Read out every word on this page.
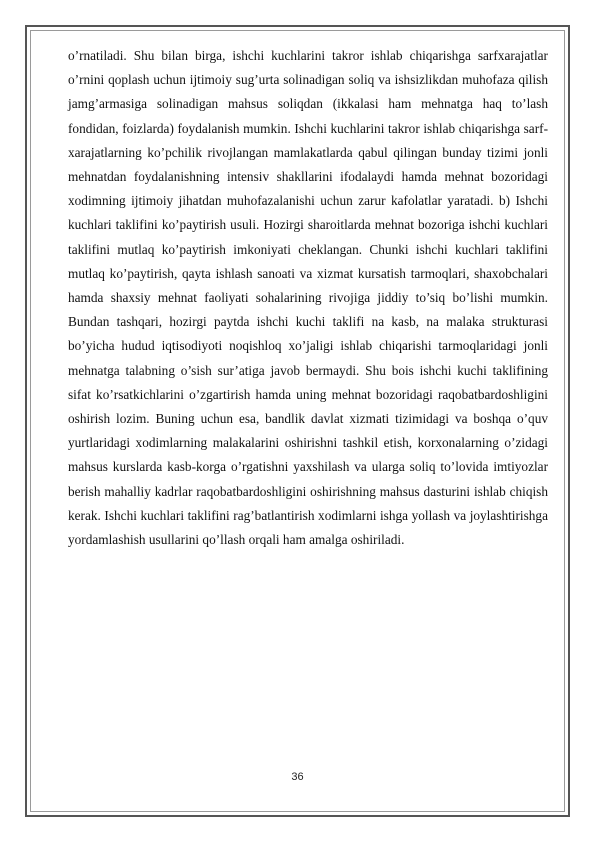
o’rnatiladi. Shu bilan birga, ishchi kuchlarini takror ishlab chiqarishga sarfxarajatlar o’rnini qoplash uchun ijtimoiy sug’urta solinadigan soliq va ishsizlikdan muhofaza qilish jamg’armasiga solinadigan mahsus soliqdan (ikkalasi ham mehnatga haq to’lash fondidan, foizlarda) foydalanish mumkin. Ishchi kuchlarini takror ishlab chiqarishga sarf- xarajatlarning ko’pchilik rivojlangan mamlakatlarda qabul qilingan bunday tizimi jonli mehnatdan foydalanishning intensiv shakllarini ifodalaydi hamda mehnat bozoridagi xodimning ijtimoiy jihatdan muhofazalanishi uchun zarur kafolatlar yaratadi. b) Ishchi kuchlari taklifini ko’paytirish usuli. Hozirgi sharoitlarda mehnat bozoriga ishchi kuchlari taklifini mutlaq ko’paytirish imkoniyati cheklangan. Chunki ishchi kuchlari taklifini mutlaq ko’paytirish, qayta ishlash sanoati va xizmat kursatish tarmoqlari, shaxobchalari hamda shaxsiy mehnat faoliyati sohalarining rivojiga jiddiy to’siq bo’lishi mumkin. Bundan tashqari, hozirgi paytda ishchi kuchi taklifi na kasb, na malaka strukturasi bo’yicha hudud iqtisodiyoti noqishloq xo’jaligi ishlab chiqarishi tarmoqlaridagi jonli mehnatga talabning o’sish sur’atiga javob bermaydi. Shu bois ishchi kuchi taklifining sifat ko’rsatkichlarini o’zgartirish hamda uning mehnat bozoridagi raqobatbardoshligini oshirish lozim. Buning uchun esa, bandlik davlat xizmati tizimidagi va boshqa o’quv yurtlaridagi xodimlarning malakalarini oshirishni tashkil etish, korxonalarning o’zidagi mahsus kurslarda kasb-korga o’rgatishni yaxshilash va ularga soliq to’lovida imtiyozlar berish mahalliy kadrlar raqobatbardoshligini oshirishning mahsus dasturini ishlab chiqish kerak. Ishchi kuchlari taklifini rag’batlantirish xodimlarni ishga yollash va joylashtirishga yordamlashish usullarini qo’llash orqali ham amalga oshiriladi.

36
